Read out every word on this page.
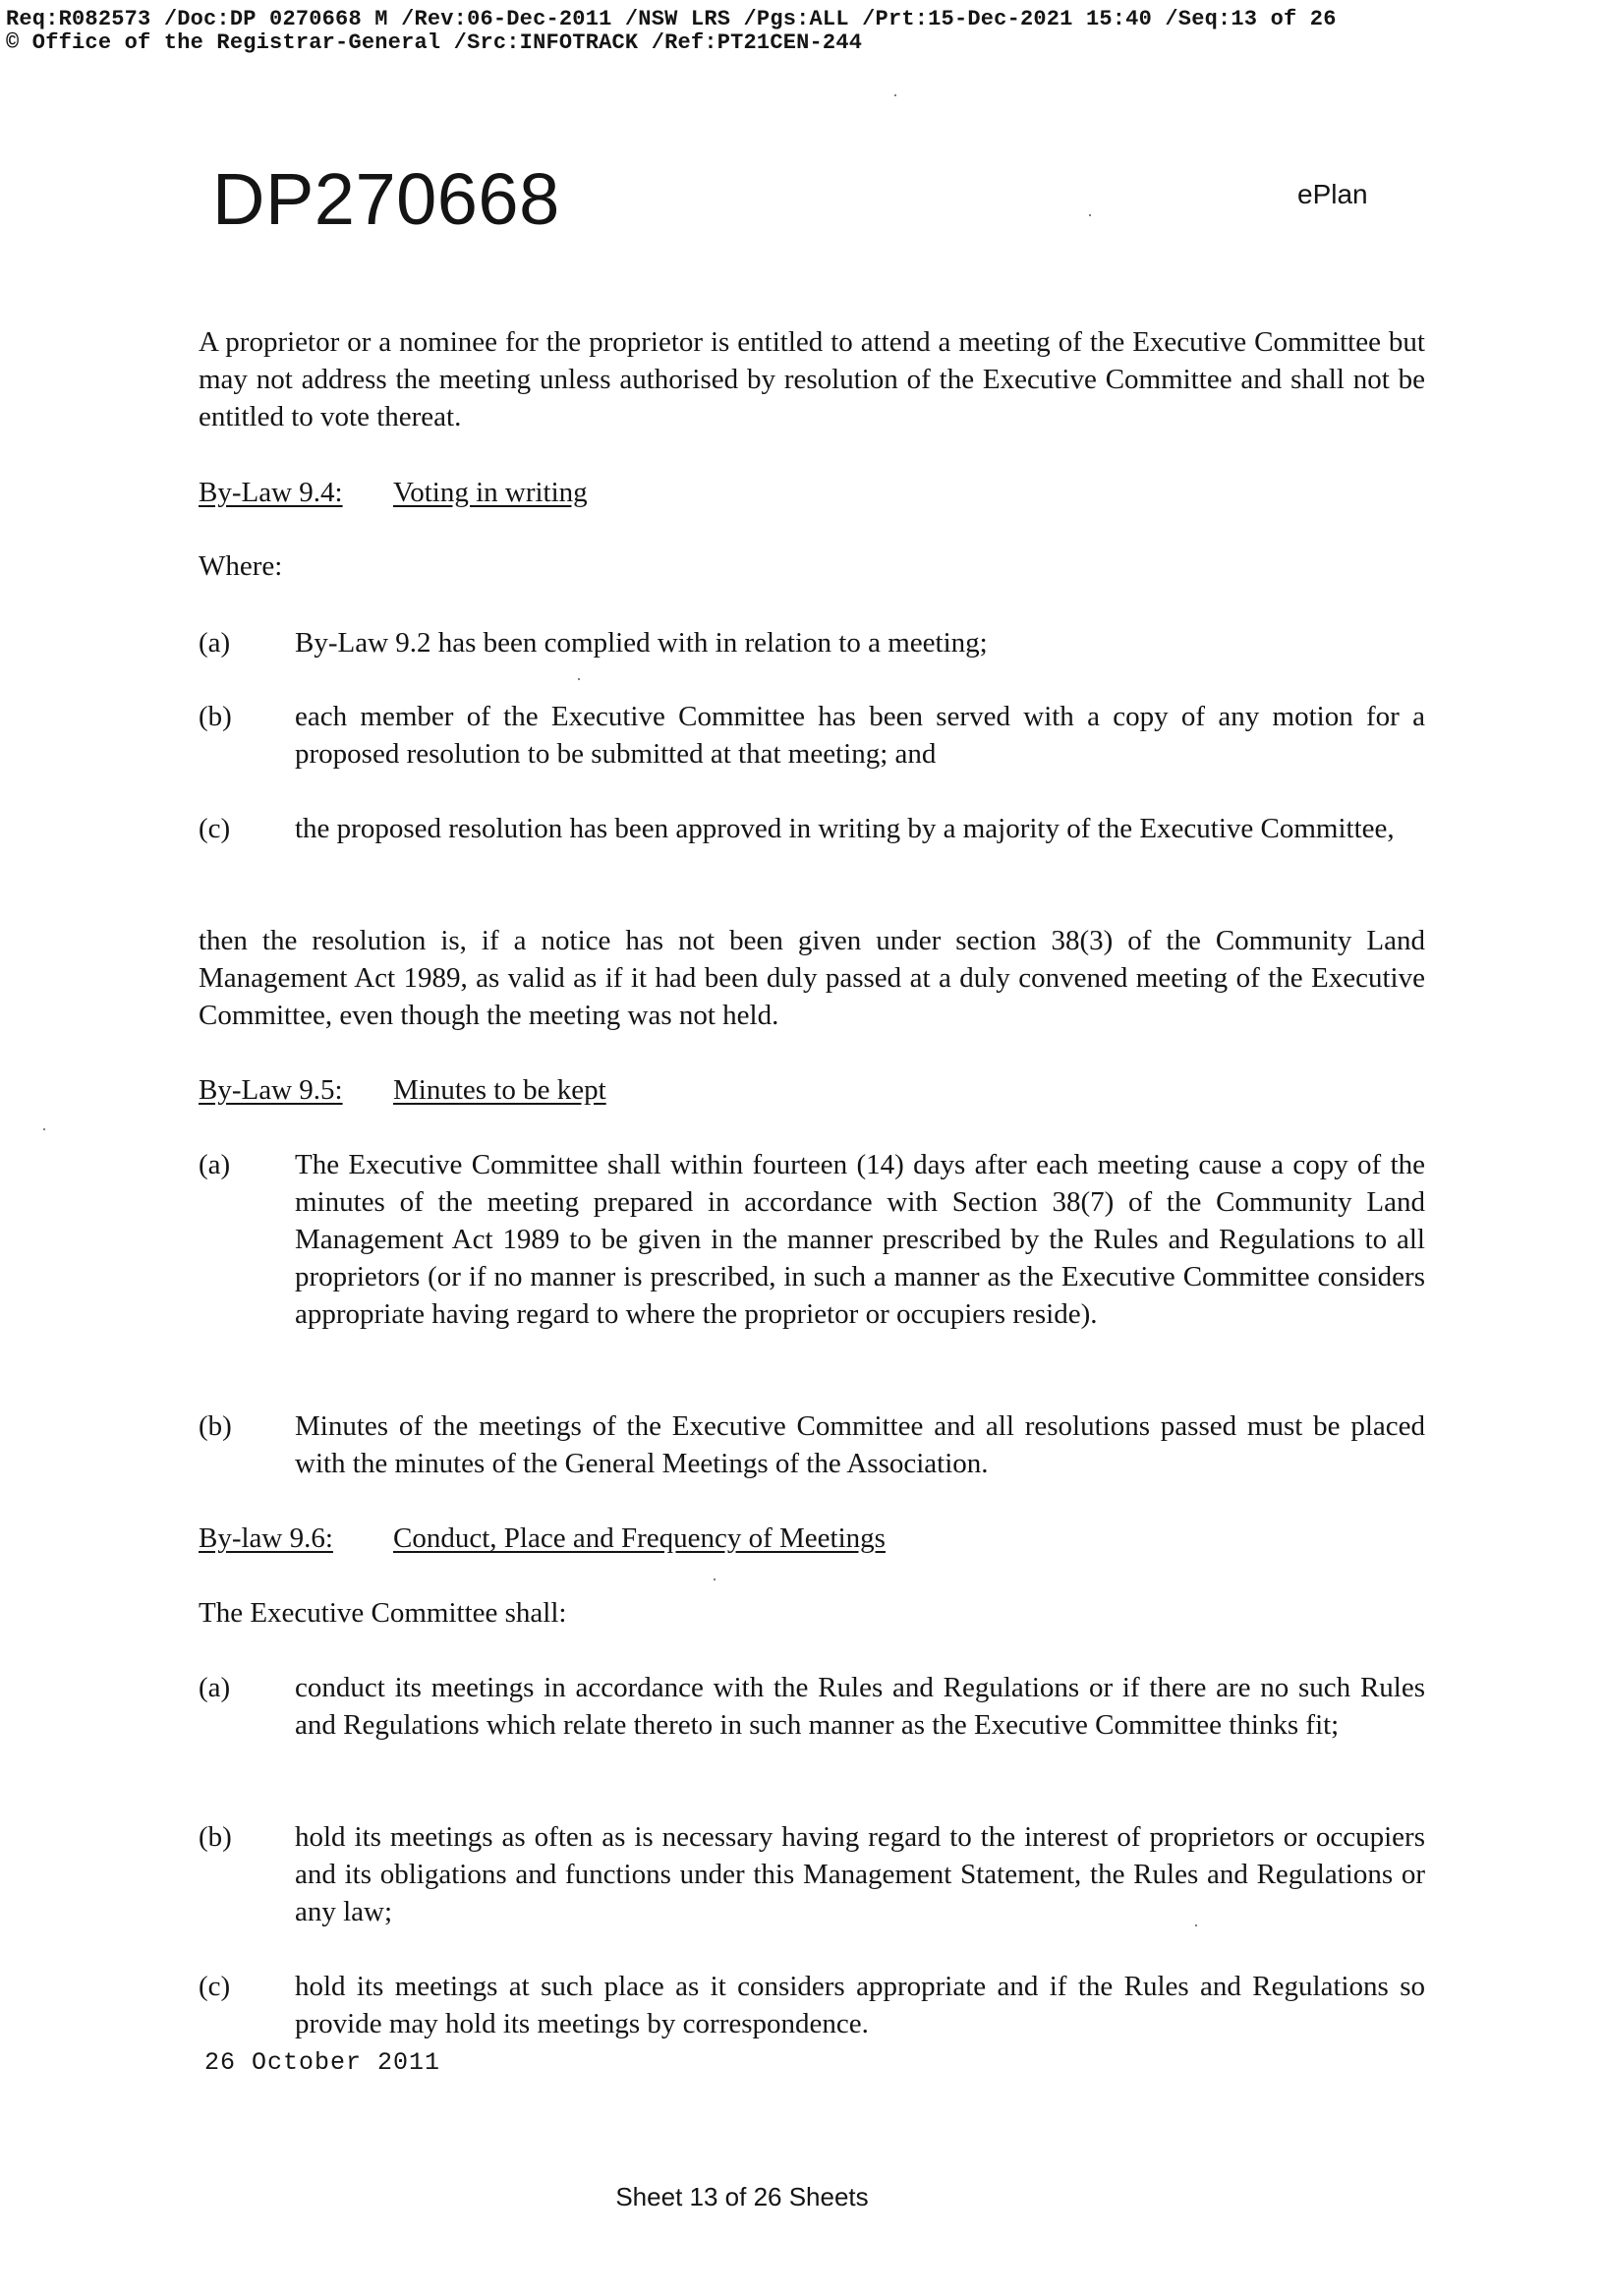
Req:R082573 /Doc:DP 0270668 M /Rev:06-Dec-2011 /NSW LRS /Pgs:ALL /Prt:15-Dec-2021 15:40 /Seq:13 of 26
© Office of the Registrar-General /Src:INFOTRACK /Ref:PT21CEN-244
DP270668	ePlan

A proprietor or a nominee for the proprietor is entitled to attend a meeting of the Executive Committee but may not address the meeting unless authorised by resolution of the Executive Committee and shall not be entitled to vote thereat.

By-Law 9.4: Voting in writing

Where:

(a) By-Law 9.2 has been complied with in relation to a meeting;

(b) each member of the Executive Committee has been served with a copy of any motion for a proposed resolution to be submitted at that meeting; and

(c) the proposed resolution has been approved in writing by a majority of the Executive Committee,

then the resolution is, if a notice has not been given under section 38(3) of the Community Land Management Act 1989, as valid as if it had been duly passed at a duly convened meeting of the Executive Committee, even though the meeting was not held.

By-Law 9.5: Minutes to be kept
(a) The Executive Committee shall within fourteen (14) days after each meeting cause a copy of the minutes of the meeting prepared in accordance with Section 38(7) of the Community Land Management Act 1989 to be given in the manner prescribed by the Rules and Regulations to all proprietors (or if no manner is prescribed, in such a manner as the Executive Committee considers appropriate having regard to where the proprietor or occupiers reside).

(b) Minutes of the meetings of the Executive Committee and all resolutions passed must be placed with the minutes of the General Meetings of the Association.

By-law 9.6: Conduct, Place and Frequency of Meetings

The Executive Committee shall:

(a) conduct its meetings in accordance with the Rules and Regulations or if there are no such Rules and Regulations which relate thereto in such manner as the Executive Committee thinks fit;

(b) hold its meetings as often as is necessary having regard to the interest of proprietors or occupiers and its obligations and functions under this Management Statement, the Rules and Regulations or any law;

(c) hold its meetings at such place as it considers appropriate and if the Rules and Regulations so provide may hold its meetings by correspondence.

26 October 2011
Sheet 13 of 26 Sheets
